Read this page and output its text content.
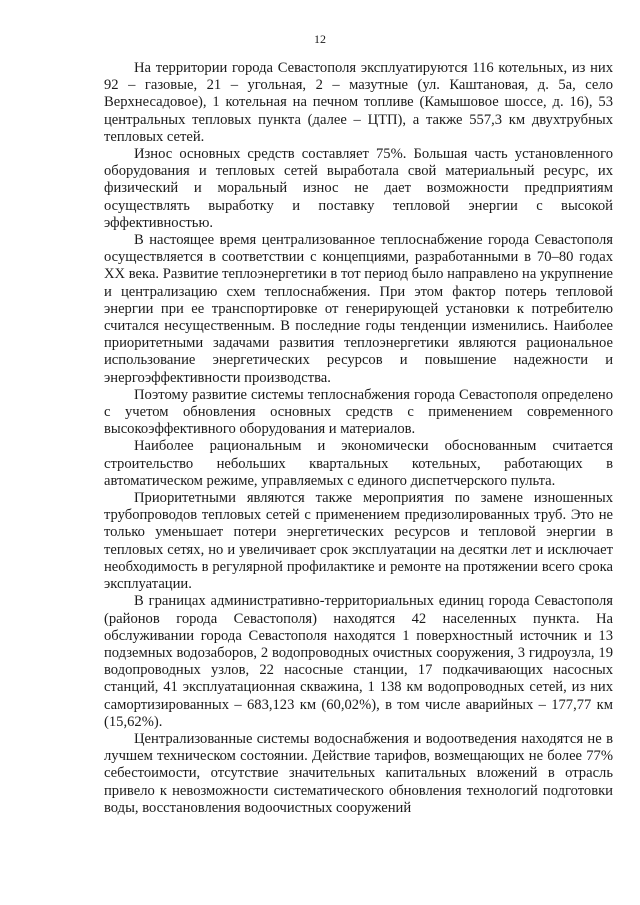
12

На территории города Севастополя эксплуатируются 116 котельных, из них 92 – газовые, 21 – угольная, 2 – мазутные (ул. Каштановая, д. 5а, село Верхнесадовое), 1 котельная на печном топливе (Камышовое шоссе, д. 16), 53 центральных тепловых пункта (далее – ЦТП), а также 557,3 км двухтрубных тепловых сетей.

Износ основных средств составляет 75%. Большая часть установленного оборудования и тепловых сетей выработала свой материальный ресурс, их физический и моральный износ не дает возможности предприятиям осуществлять выработку и поставку тепловой энергии с высокой эффективностью.

В настоящее время централизованное теплоснабжение города Севастополя осуществляется в соответствии с концепциями, разработанными в 70–80 годах XX века. Развитие теплоэнергетики в тот период было направлено на укрупнение и централизацию схем теплоснабжения. При этом фактор потерь тепловой энергии при ее транспортировке от генерирующей установки к потребителю считался несущественным. В последние годы тенденции изменились. Наиболее приоритетными задачами развития теплоэнергетики являются рациональное использование энергетических ресурсов и повышение надежности и энергоэффективности производства.

Поэтому развитие системы теплоснабжения города Севастополя определено с учетом обновления основных средств с применением современного высокоэффективного оборудования и материалов.

Наиболее рациональным и экономически обоснованным считается строительство небольших квартальных котельных, работающих в автоматическом режиме, управляемых с единого диспетчерского пульта.

Приоритетными являются также мероприятия по замене изношенных трубопроводов тепловых сетей с применением предизолированных труб. Это не только уменьшает потери энергетических ресурсов и тепловой энергии в тепловых сетях, но и увеличивает срок эксплуатации на десятки лет и исключает необходимость в регулярной профилактике и ремонте на протяжении всего срока эксплуатации.

В границах административно-территориальных единиц города Севастополя (районов города Севастополя) находятся 42 населенных пункта. На обслуживании города Севастополя находятся 1 поверхностный источник и 13 подземных водозаборов, 2 водопроводных очистных сооружения, 3 гидроузла, 19 водопроводных узлов, 22 насосные станции, 17 подкачивающих насосных станций, 41 эксплуатационная скважина, 1 138 км водопроводных сетей, из них самортизированных – 683,123 км (60,02%), в том числе аварийных – 177,77 км (15,62%).

Централизованные системы водоснабжения и водоотведения находятся не в лучшем техническом состоянии. Действие тарифов, возмещающих не более 77% себестоимости, отсутствие значительных капитальных вложений в отрасль привело к невозможности систематического обновления технологий подготовки воды, восстановления водоочистных сооружений
